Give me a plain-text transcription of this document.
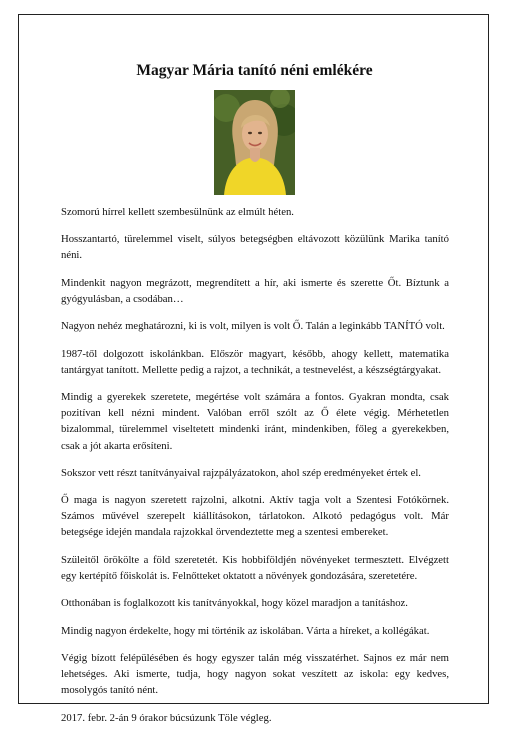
Magyar Mária tanító néni emlékére

Szomorú hírrel kellett szembesülnünk az elmúlt héten.

Hosszantartó, türelemmel viselt, súlyos betegségben eltávozott közülünk Marika tanító néni.

Mindenkit nagyon megrázott, megrendített a hír, aki ismerte és szerette Őt. Bíztunk a gyógyulásban, a csodában…

Nagyon nehéz meghatározni, ki is volt, milyen is volt Ő. Talán a leginkább TANÍTÓ volt.

1987-től dolgozott iskolánkban. Először magyart, később, ahogy kellett, matematika tantárgyat tanított. Mellette pedig a rajzot, a technikát, a testnevelést, a készségtárgyakat.

Mindig a gyerekek szeretete, megértése volt számára a fontos. Gyakran mondta, csak pozitívan kell nézni mindent. Valóban erről szólt az Ő élete végig. Mérhetetlen bizalommal, türelemmel viseltetett mindenki iránt, mindenkiben, főleg a gyerekekben, csak a jót akarta erősíteni.

Sokszor vett részt tanítványaival rajzpályázatokon, ahol szép eredményeket értek el.

Ő maga is nagyon szeretett rajzolni, alkotni. Aktív tagja volt a Szentesi Fotókörnek. Számos művével szerepelt kiállításokon, tárlatokon. Alkotó pedagógus volt. Már betegsége idején mandala rajzokkal örvendeztette meg a szentesi embereket.

Szüleitől örökölte a föld szeretetét. Kis hobbiföldjén növényeket termesztett. Elvégzett egy kertépítő főiskolát is. Felnőtteket oktatott a növények gondozására, szeretetére.

Otthonában is foglalkozott kis tanítványokkal, hogy közel maradjon a tanításhoz.

Mindig nagyon érdekelte, hogy mi történik az iskolában. Várta a híreket, a kollégákat.

Végig bízott felépülésében és hogy egyszer talán még visszatérhet. Sajnos ez már nem lehetséges. Aki ismerte, tudja, hogy nagyon sokat veszített az iskola: egy kedves, mosolygós tanító nént.

2017. febr. 2-án 9 órakor búcsúzunk Töle végleg.
